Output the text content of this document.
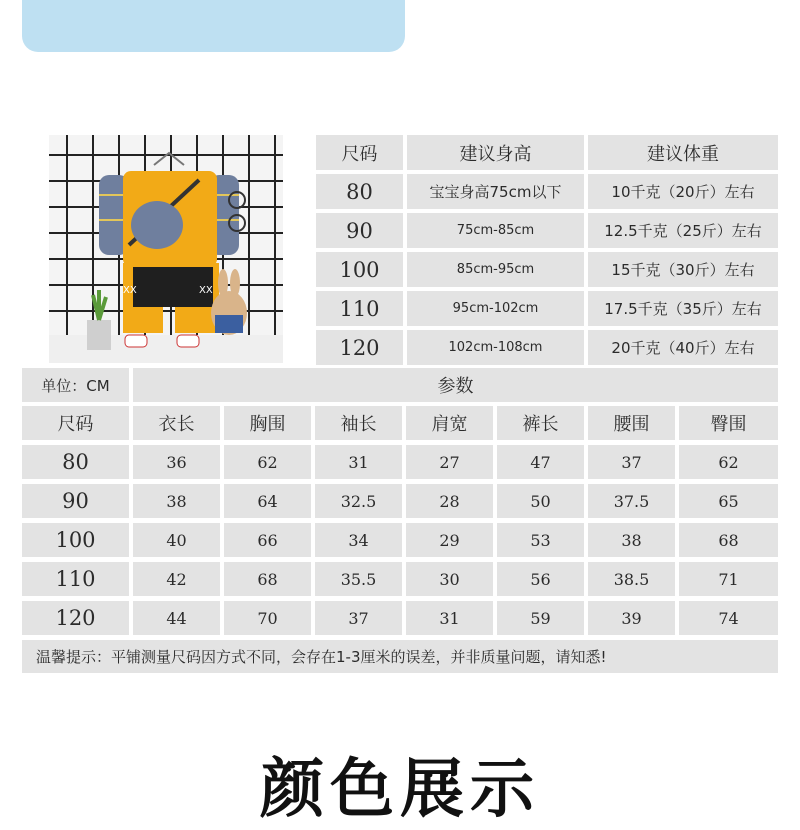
XX	XX
尺码	建议身高	建议体重
80	宝宝身高75cm以下	10千克（20斤）左右
90	75cm-85cm	12.5千克（25斤）左右
100	85cm-95cm	15千克（30斤）左右
110	95cm-102cm	17.5千克（35斤）左右
120	102cm-108cm	20千克（40斤）左右
单位：CM	参数
尺码	衣长	胸围	袖长	肩宽	裤长	腰围	臀围
80	36	62	31	27	47	37	62
90	38	64	32.5	28	50	37.5	65
100	40	66	34	29	53	38	68
110	42	68	35.5	30	56	38.5	71
120	44	70	37	31	59	39	74
温馨提示：平铺测量尺码因方式不同，会存在1-3厘米的误差，并非质量问题，请知悉!
颜色展示
